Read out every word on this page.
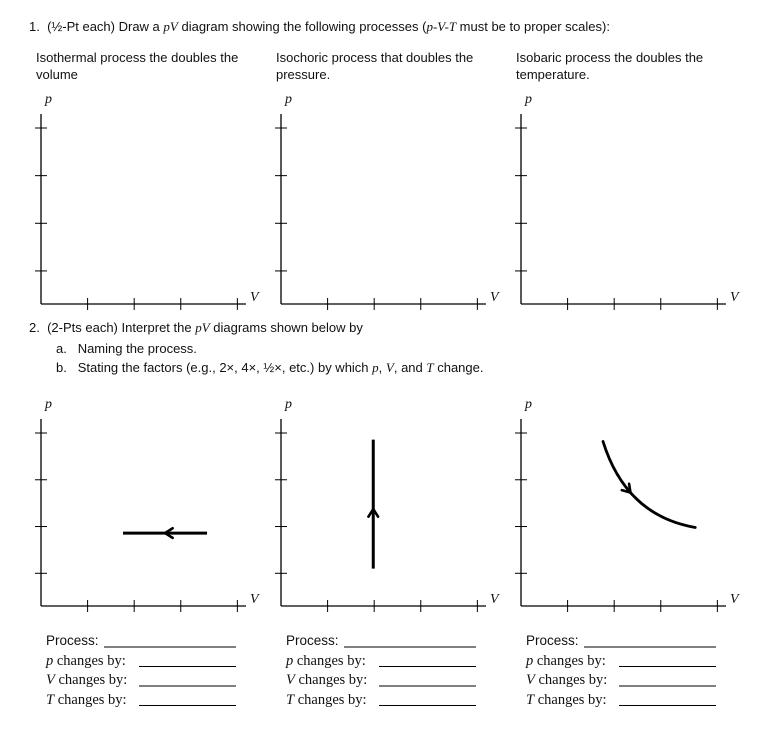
1. (½-Pt each) Draw a pV diagram showing the following processes (p-V-T must be to proper scales):
Isothermal process the doubles the volume
Isochoric process that doubles the pressure.
Isobaric process the doubles the temperature.
2. (2-Pts each) Interpret the pV diagrams shown below by
a. Naming the process.
b. Stating the factors (e.g., 2×, 4×, ½×, etc.) by which p, V, and T change.
p
V
p
V
p
V
p
V
p
V
p
V
Process:
p changes by:
V changes by:
T changes by:
Process:
p changes by:
V changes by:
T changes by:
Process:
p changes by:
V changes by:
T changes by:
